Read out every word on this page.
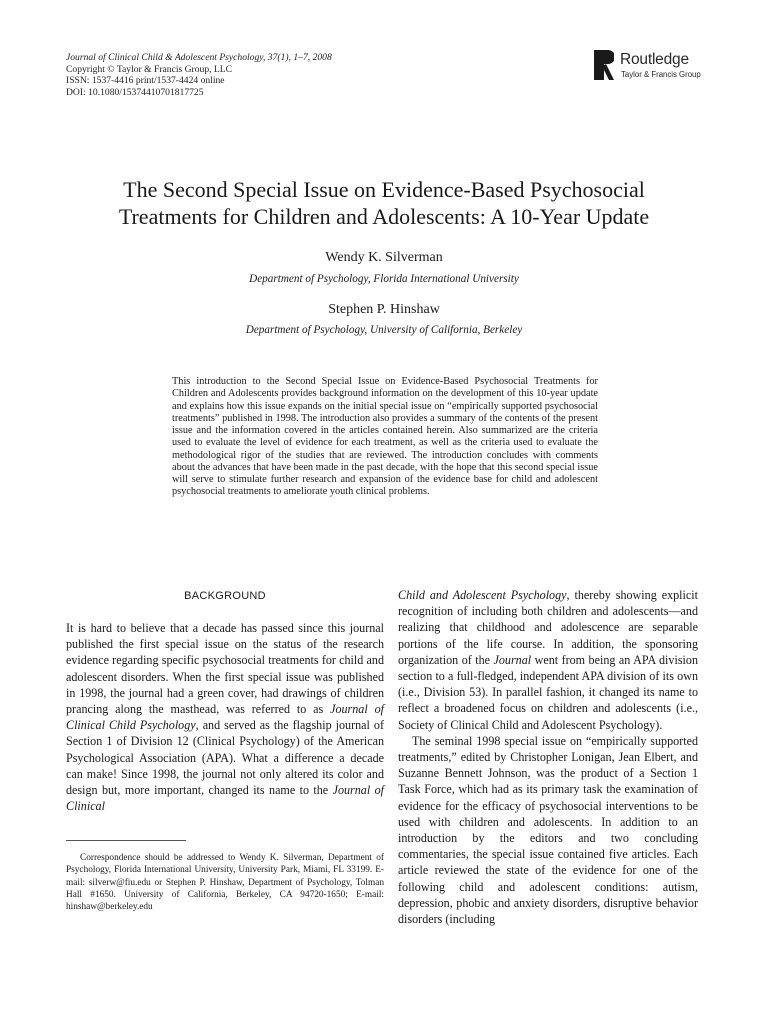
Journal of Clinical Child & Adolescent Psychology, 37(1), 1–7, 2008
Copyright © Taylor & Francis Group, LLC
ISSN: 1537-4416 print/1537-4424 online
DOI: 10.1080/15374410701817725
Routledge
Taylor & Francis Group
The Second Special Issue on Evidence-Based Psychosocial
Treatments for Children and Adolescents: A 10-Year Update
Wendy K. Silverman
Department of Psychology, Florida International University
Stephen P. Hinshaw
Department of Psychology, University of California, Berkeley
This introduction to the Second Special Issue on Evidence-Based Psychosocial Treatments for Children and Adolescents provides background information on the development of this 10-year update and explains how this issue expands on the initial special issue on “empirically supported psychosocial treatments” published in 1998. The introduction also provides a summary of the contents of the present issue and the information covered in the articles contained herein. Also summarized are the criteria used to evaluate the level of evidence for each treatment, as well as the criteria used to evaluate the methodological rigor of the studies that are reviewed. The introduction concludes with comments about the advances that have been made in the past decade, with the hope that this second special issue will serve to stimulate further research and expansion of the evidence base for child and adolescent psychosocial treatments to ameliorate youth clinical problems.
BACKGROUND

It is hard to believe that a decade has passed since this journal published the first special issue on the status of the research evidence regarding specific psychosocial treatments for child and adolescent disorders. When the first special issue was published in 1998, the journal had a green cover, had drawings of children prancing along the masthead, was referred to as Journal of Clinical Child Psychology, and served as the flagship journal of Section 1 of Division 12 (Clinical Psychology) of the American Psychological Association (APA). What a difference a decade can make! Since 1998, the journal not only altered its color and design but, more important, changed its name to the Journal of Clinical

Correspondence should be addressed to Wendy K. Silverman, Department of Psychology, Florida International University, University Park, Miami, FL 33199. E-mail: silverw@fiu.edu or Stephen P. Hinshaw, Department of Psychology, Tolman Hall #1650. University of California, Berkeley, CA 94720-1650; E-mail: hinshaw@berkeley.edu

Child and Adolescent Psychology, thereby showing explicit recognition of including both children and adolescents—and realizing that childhood and adolescence are separable portions of the life course. In addition, the sponsoring organization of the Journal went from being an APA division section to a full-fledged, independent APA division of its own (i.e., Division 53). In parallel fashion, it changed its name to reflect a broadened focus on children and adolescents (i.e., Society of Clinical Child and Adolescent Psychology).

The seminal 1998 special issue on “empirically supported treatments,” edited by Christopher Lonigan, Jean Elbert, and Suzanne Bennett Johnson, was the product of a Section 1 Task Force, which had as its primary task the examination of evidence for the efficacy of psychosocial interventions to be used with children and adolescents. In addition to an introduction by the editors and two concluding commentaries, the special issue contained five articles. Each article reviewed the state of the evidence for one of the following child and adolescent conditions: autism, depression, phobic and anxiety disorders, disruptive behavior disorders (including
